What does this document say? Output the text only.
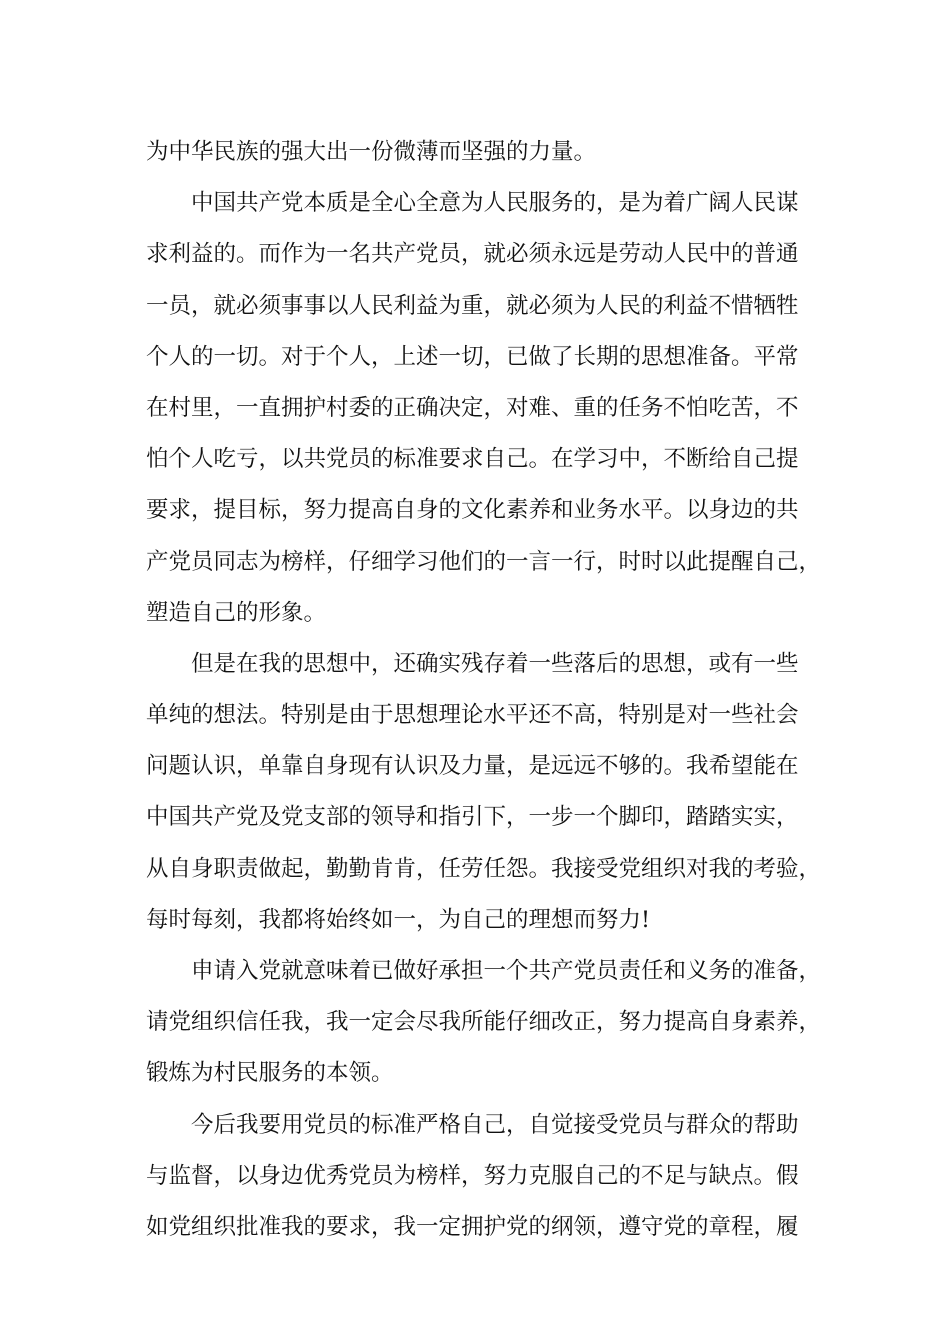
为中华民族的强大出一份微薄而坚强的力量。
中国共产党本质是全心全意为人民服务的，是为着广阔人民谋
求利益的。而作为一名共产党员，就必须永远是劳动人民中的普通
一员，就必须事事以人民利益为重，就必须为人民的利益不惜牺牲
个人的一切。对于个人，上述一切，已做了长期的思想准备。平常
在村里，一直拥护村委的正确决定，对难、重的任务不怕吃苦，不
怕个人吃亏，以共党员的标准要求自己。在学习中，不断给自己提
要求，提目标，努力提高自身的文化素养和业务水平。以身边的共
产党员同志为榜样，仔细学习他们的一言一行，时时以此提醒自己，
塑造自己的形象。
但是在我的思想中，还确实残存着一些落后的思想，或有一些
单纯的想法。特别是由于思想理论水平还不高，特别是对一些社会
问题认识，单靠自身现有认识及力量，是远远不够的。我希望能在
中国共产党及党支部的领导和指引下，一步一个脚印，踏踏实实，
从自身职责做起，勤勤肯肯，任劳任怨。我接受党组织对我的考验，
每时每刻，我都将始终如一，为自己的理想而努力!
申请入党就意味着已做好承担一个共产党员责任和义务的准备，
请党组织信任我，我一定会尽我所能仔细改正，努力提高自身素养，
锻炼为村民服务的本领。
今后我要用党员的标准严格自己，自觉接受党员与群众的帮助
与监督，以身边优秀党员为榜样，努力克服自己的不足与缺点。假
如党组织批准我的要求，我一定拥护党的纲领，遵守党的章程，履
